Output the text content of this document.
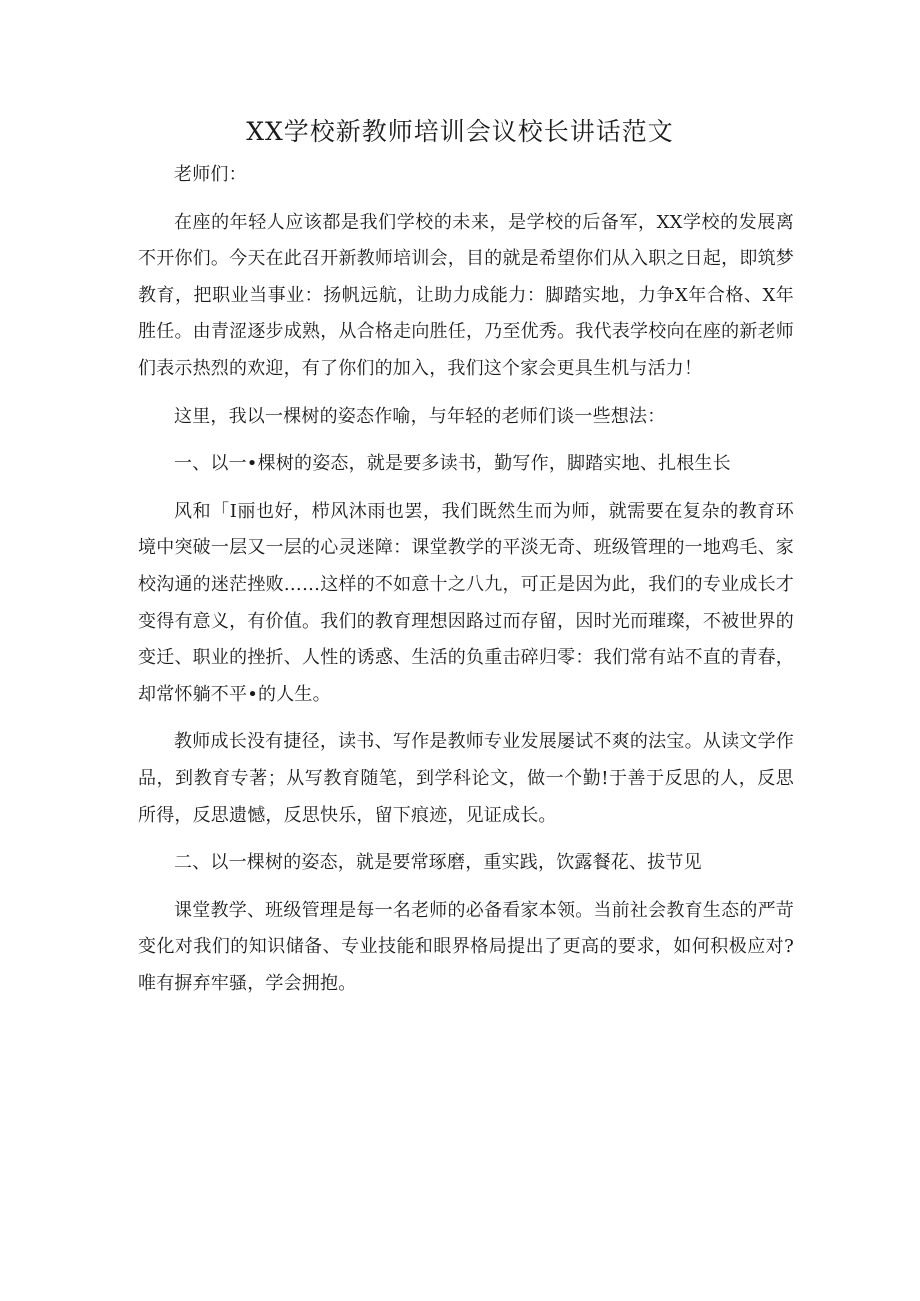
XX学校新教师培训会议校长讲话范文

老师们：

在座的年轻人应该都是我们学校的未来，是学校的后备军，XX学校的发展离不开你们。今天在此召开新教师培训会，目的就是希望你们从入职之日起，即筑梦教育，把职业当事业：扬帆远航，让助力成能力：脚踏实地，力争X年合格、X年胜任。由青涩逐步成熟，从合格走向胜任，乃至优秀。我代表学校向在座的新老师们表示热烈的欢迎，有了你们的加入，我们这个家会更具生机与活力！

这里，我以一棵树的姿态作喻，与年轻的老师们谈一些想法：

一、以一•棵树的姿态，就是要多读书，勤写作，脚踏实地、扎根生长

风和「I丽也好，栉风沐雨也罢，我们既然生而为师，就需要在复杂的教育环境中突破一层又一层的心灵迷障：课堂教学的平淡无奇、班级管理的一地鸡毛、家校沟通的迷茫挫败……这样的不如意十之八九，可正是因为此，我们的专业成长才变得有意义，有价值。我们的教育理想因路过而存留，因时光而璀璨，不被世界的变迁、职业的挫折、人性的诱惑、生活的负重击碎归零：我们常有站不直的青春，却常怀躺不平•的人生。

教师成长没有捷径，读书、写作是教师专业发展屡试不爽的法宝。从读文学作品，到教育专著；从写教育随笔，到学科论文，做一个勤!于善于反思的人，反思所得，反思遗憾，反思快乐，留下痕迹，见证成长。

二、以一棵树的姿态，就是要常琢磨，重实践，饮露餐花、拔节见

课堂教学、班级管理是每一名老师的必备看家本领。当前社会教育生态的严苛变化对我们的知识储备、专业技能和眼界格局提出了更高的要求，如何积极应对?唯有摒弃牢骚，学会拥抱。
